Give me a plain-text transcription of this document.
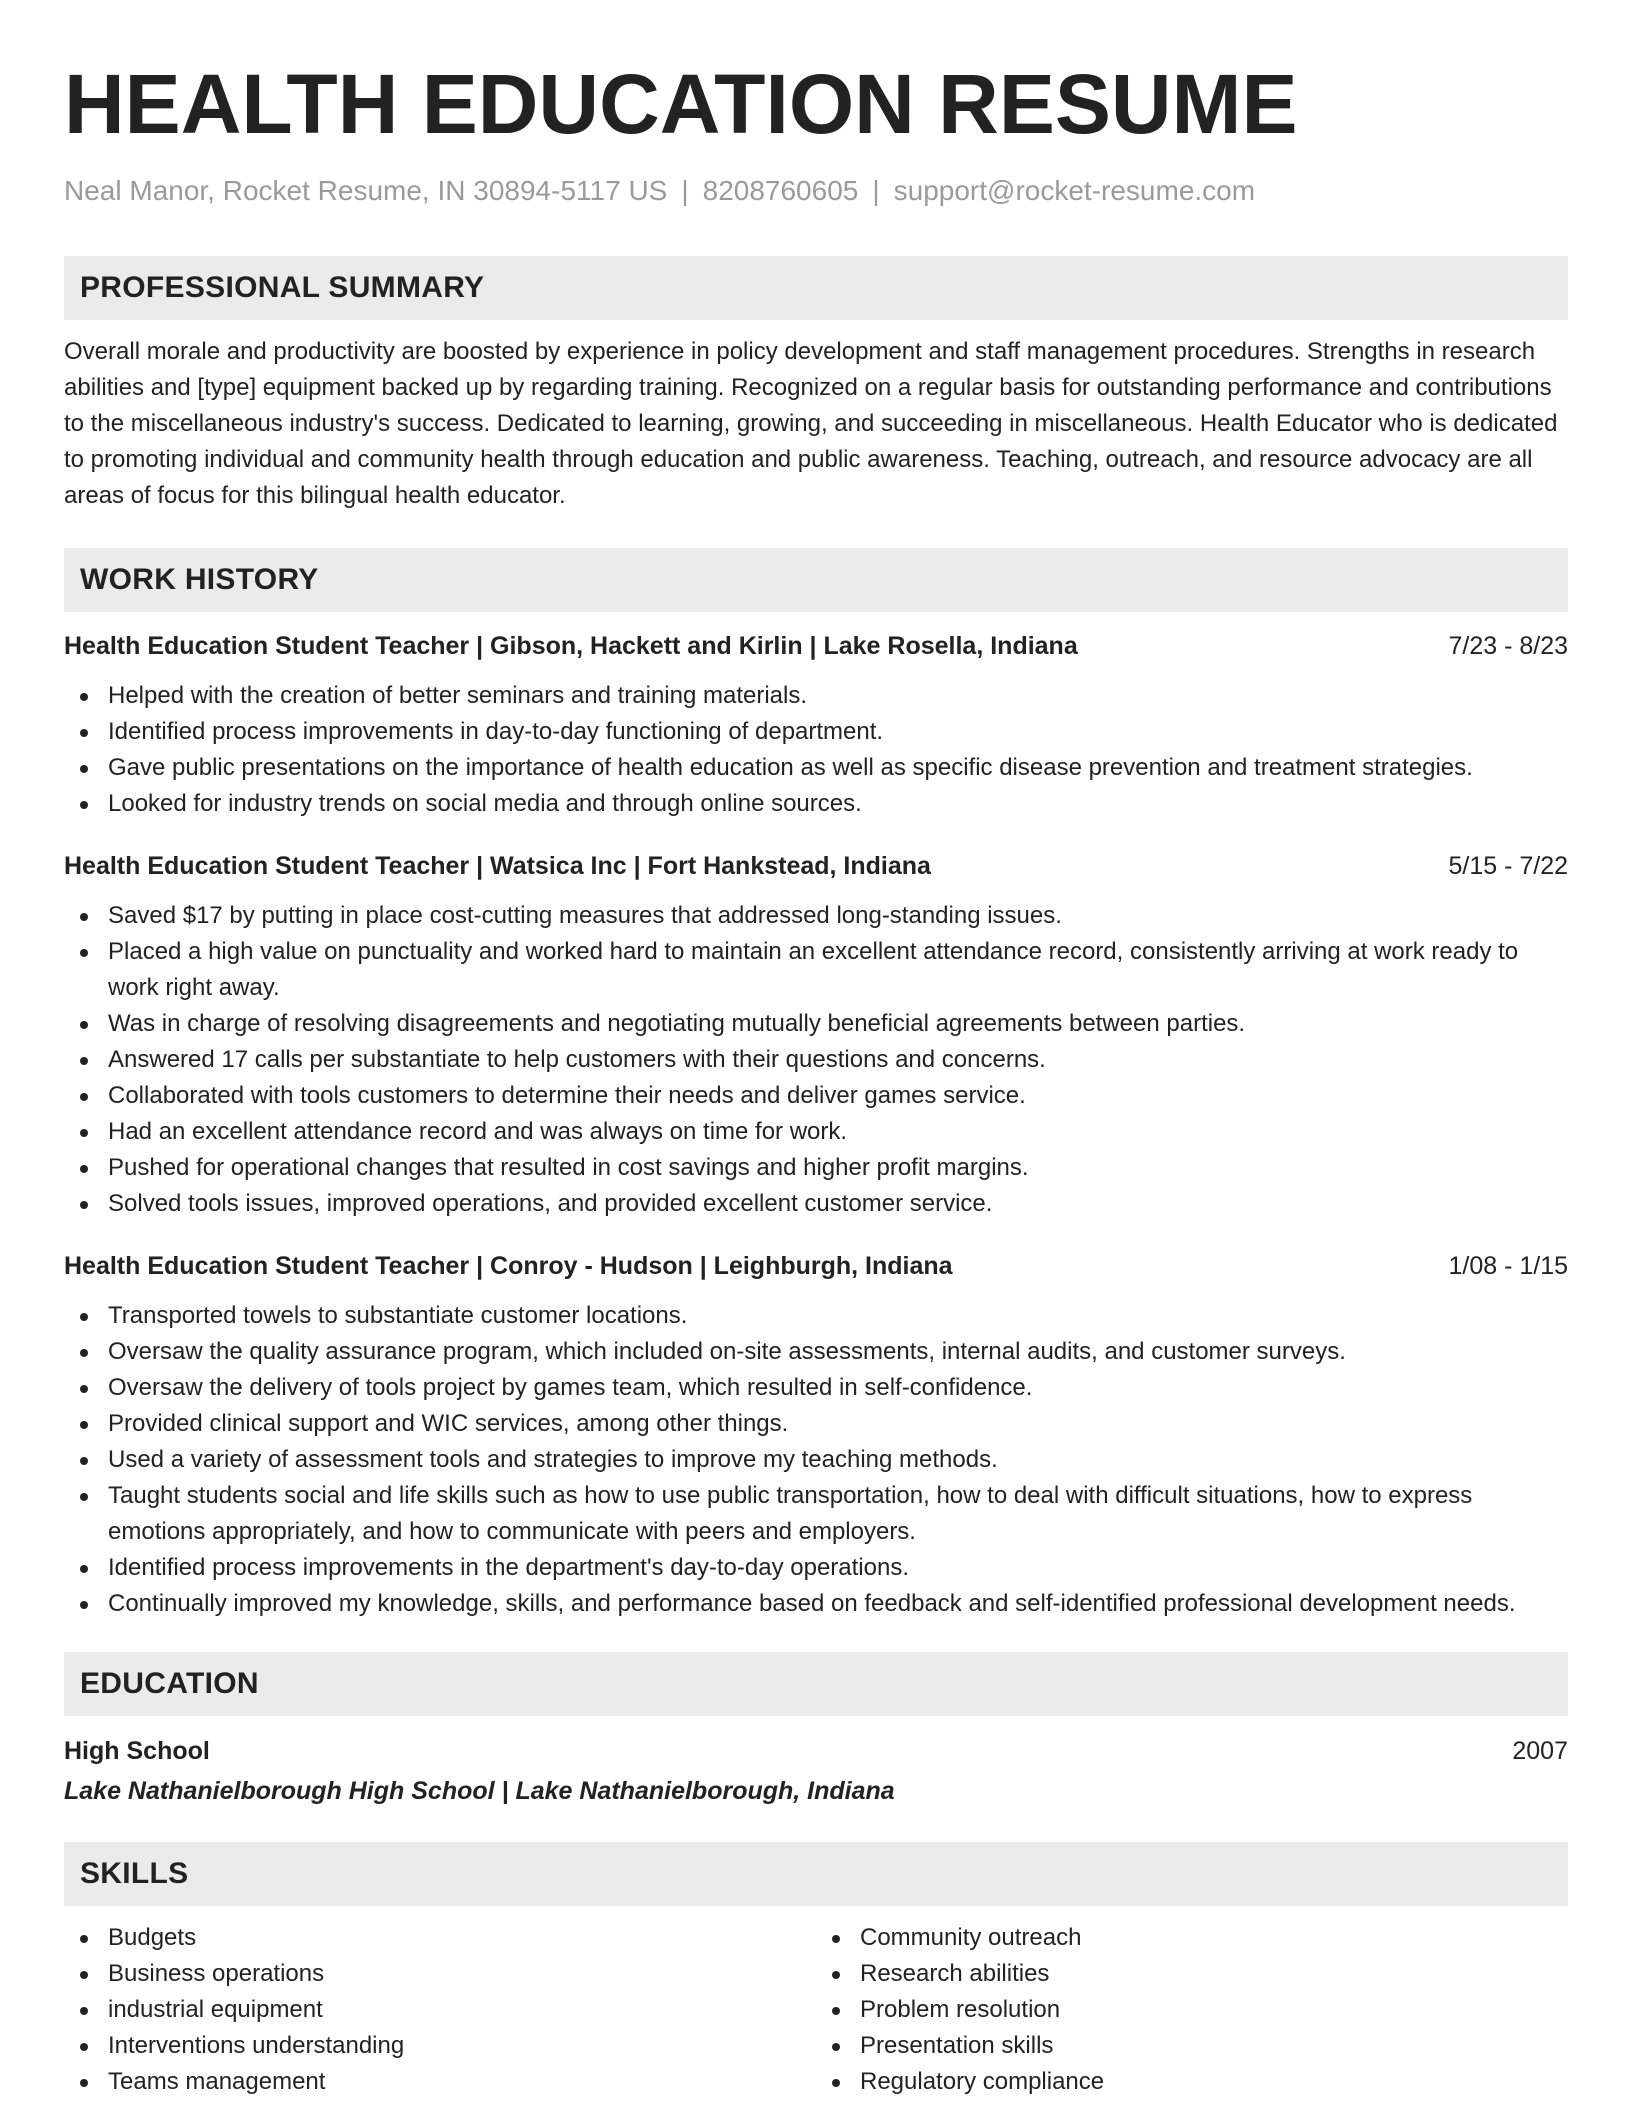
HEALTH EDUCATION RESUME
Neal Manor, Rocket Resume, IN 30894-5117 US | 8208760605 | support@rocket-resume.com
PROFESSIONAL SUMMARY

Overall morale and productivity are boosted by experience in policy development and staff management procedures. Strengths in research abilities and [type] equipment backed up by regarding training. Recognized on a regular basis for outstanding performance and contributions to the miscellaneous industry's success. Dedicated to learning, growing, and succeeding in miscellaneous. Health Educator who is dedicated to promoting individual and community health through education and public awareness. Teaching, outreach, and resource advocacy are all areas of focus for this bilingual health educator.

WORK HISTORY
Health Education Student Teacher | Gibson, Hackett and Kirlin | Lake Rosella, Indiana	7/23 - 8/23
Helped with the creation of better seminars and training materials.
Identified process improvements in day-to-day functioning of department.
Gave public presentations on the importance of health education as well as specific disease prevention and treatment strategies.
Looked for industry trends on social media and through online sources.
Health Education Student Teacher | Watsica Inc | Fort Hankstead, Indiana	5/15 - 7/22
Saved $17 by putting in place cost-cutting measures that addressed long-standing issues.
Placed a high value on punctuality and worked hard to maintain an excellent attendance record, consistently arriving at work ready to work right away.
Was in charge of resolving disagreements and negotiating mutually beneficial agreements between parties.
Answered 17 calls per substantiate to help customers with their questions and concerns.
Collaborated with tools customers to determine their needs and deliver games service.
Had an excellent attendance record and was always on time for work.
Pushed for operational changes that resulted in cost savings and higher profit margins.
Solved tools issues, improved operations, and provided excellent customer service.
Health Education Student Teacher | Conroy - Hudson | Leighburgh, Indiana	1/08 - 1/15
Transported towels to substantiate customer locations.
Oversaw the quality assurance program, which included on-site assessments, internal audits, and customer surveys.
Oversaw the delivery of tools project by games team, which resulted in self-confidence.
Provided clinical support and WIC services, among other things.
Used a variety of assessment tools and strategies to improve my teaching methods.
Taught students social and life skills such as how to use public transportation, how to deal with difficult situations, how to express emotions appropriately, and how to communicate with peers and employers.
Identified process improvements in the department's day-to-day operations.
Continually improved my knowledge, skills, and performance based on feedback and self-identified professional development needs.
EDUCATION
High School	2007
Lake Nathanielborough High School | Lake Nathanielborough, Indiana
SKILLS
Budgets
Business operations
industrial equipment
Interventions understanding
Teams management
Community outreach
Research abilities
Problem resolution
Presentation skills
Regulatory compliance
